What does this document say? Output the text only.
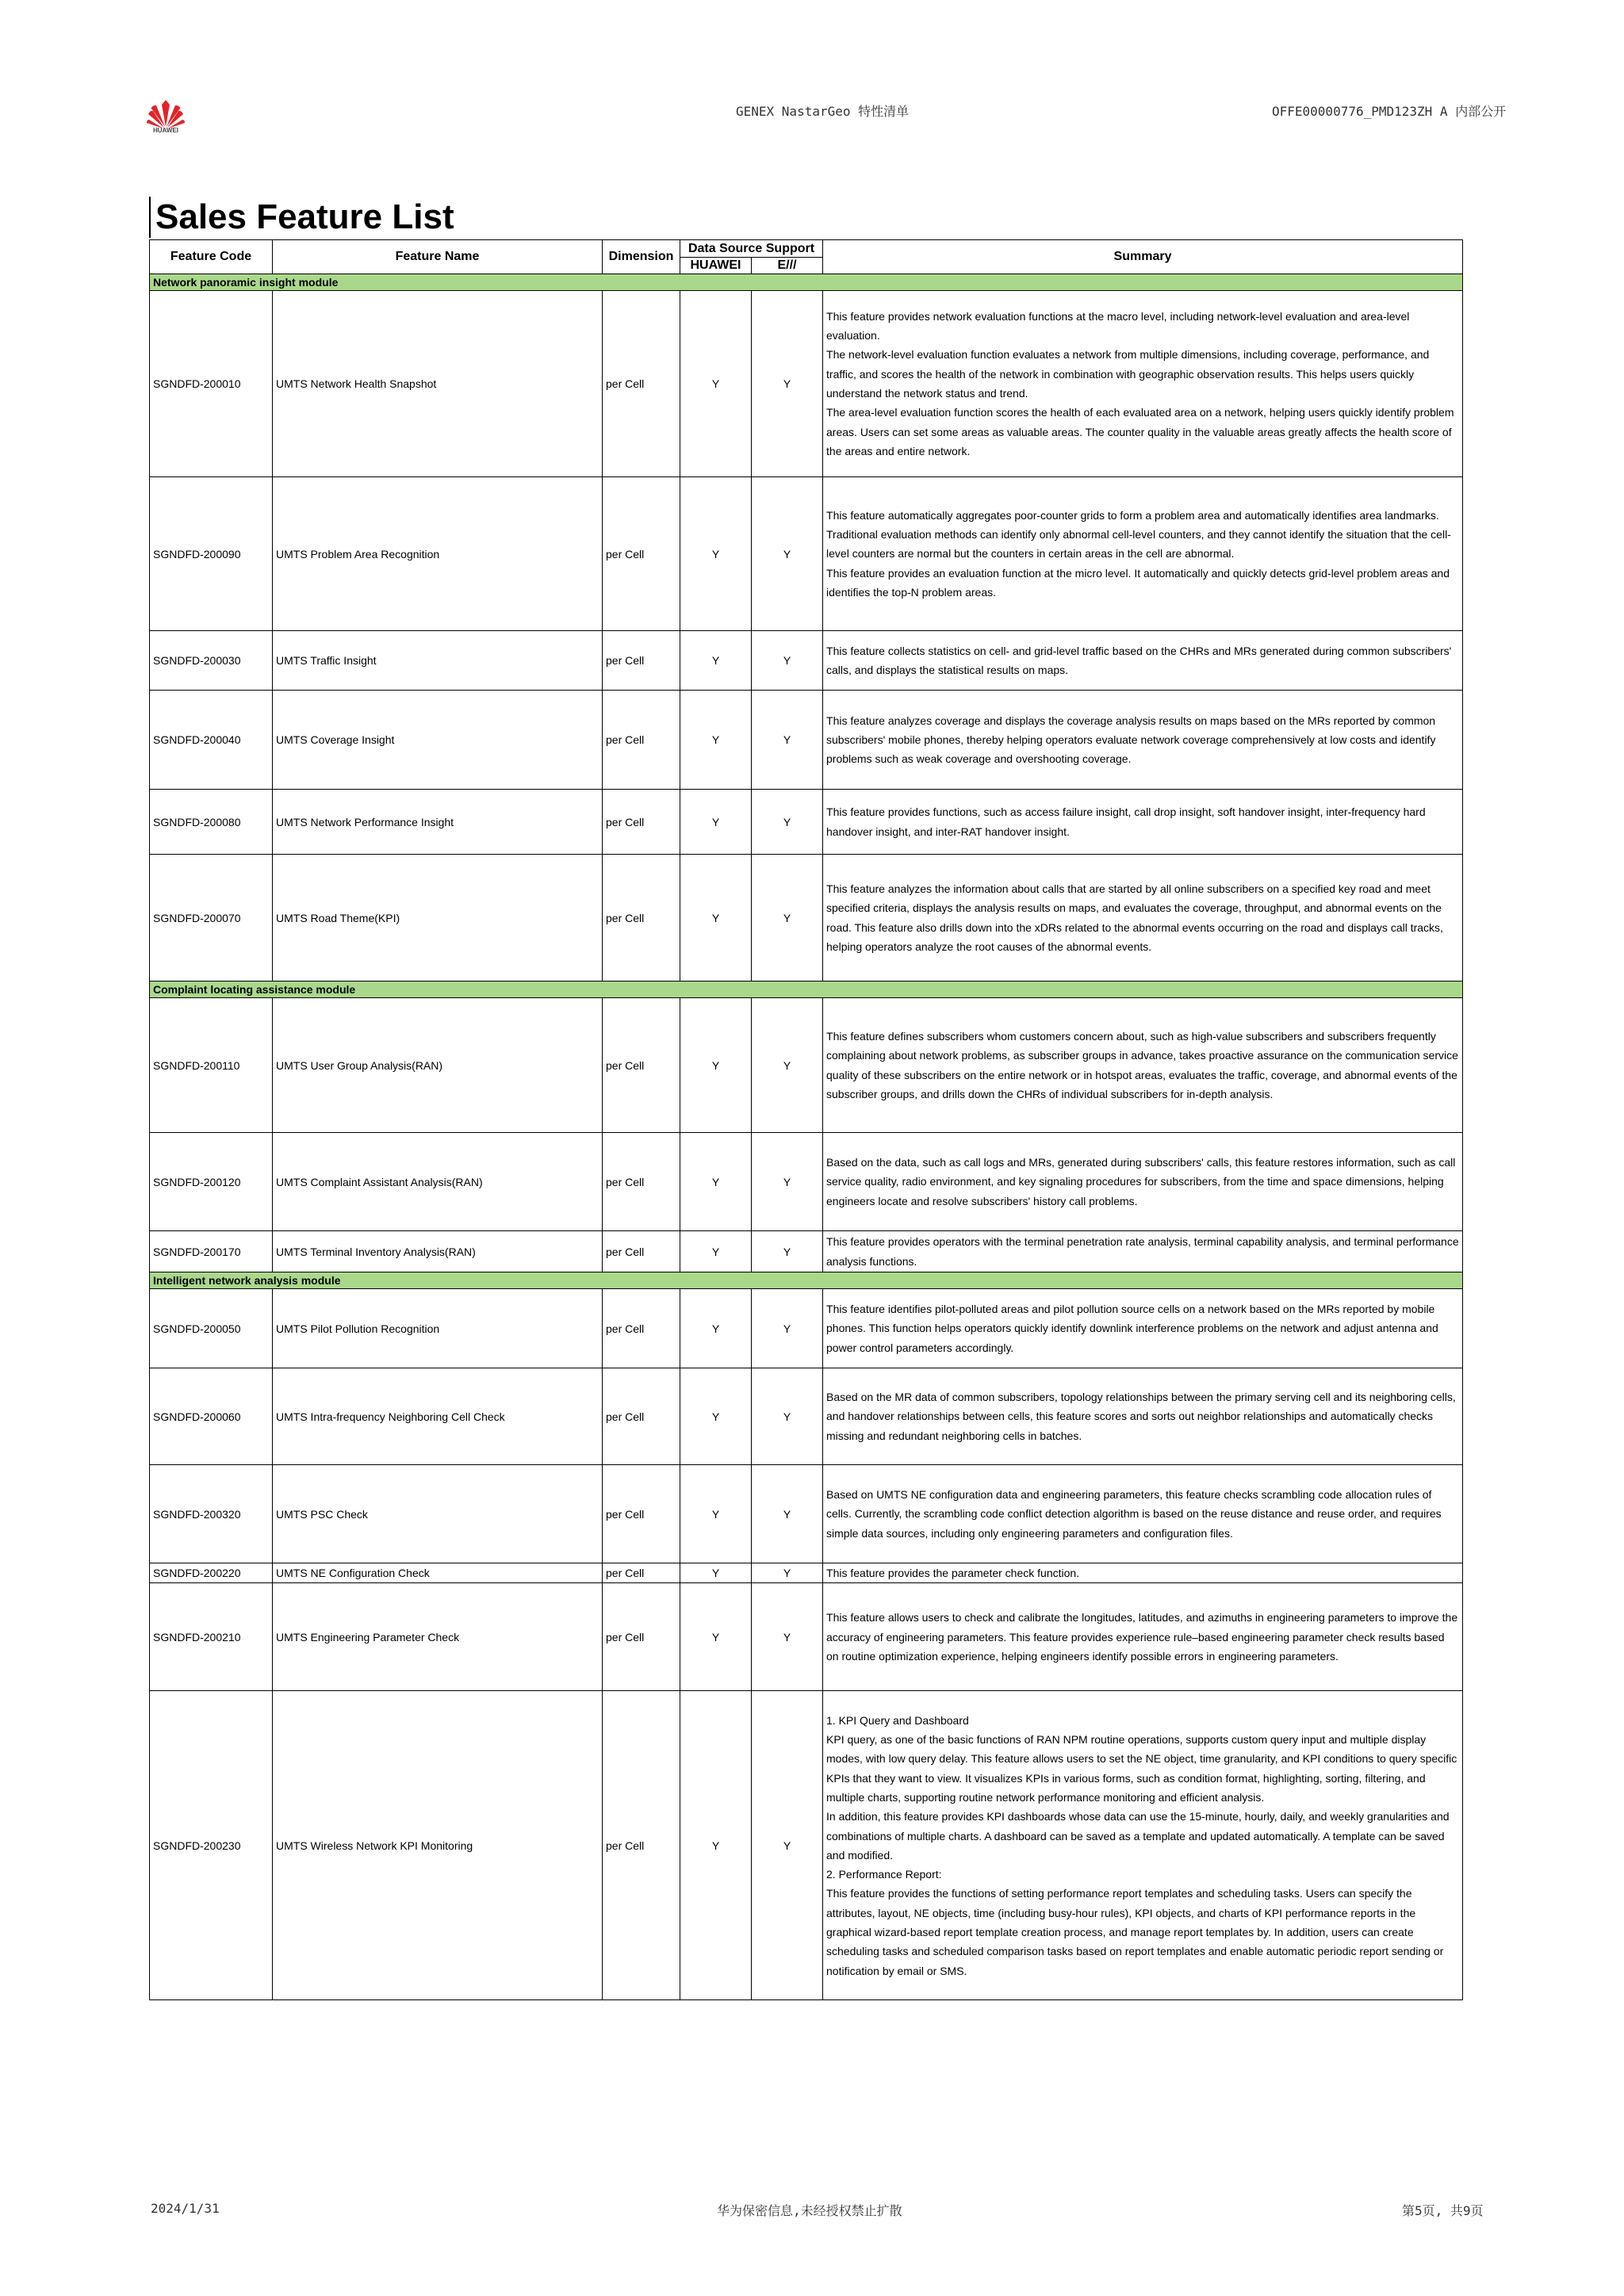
HUAWEI
GENEX NastarGeo 特性清单	OFFE00000776_PMD123ZH A 内部公开
Sales Feature List
Feature Code	Feature Name	Dimension	Data Source Support		Summary
			HUAWEI	E///	
Network panoramic insight module					
SGNDFD-200010	UMTS Network Health Snapshot	per Cell	Y	Y	This feature provides network evaluation functions at the macro level, including network-level evaluation and area-level evaluation.
The network-level evaluation function evaluates a network from multiple dimensions, including coverage, performance, and traffic, and scores the health of the network in combination with geographic observation results. This helps users quickly understand the network status and trend.
The area-level evaluation function scores the health of each evaluated area on a network, helping users quickly identify problem areas. Users can set some areas as valuable areas. The counter quality in the valuable areas greatly affects the health score of the areas and entire network.
SGNDFD-200090	UMTS Problem Area Recognition	per Cell	Y	Y	This feature automatically aggregates poor-counter grids to form a problem area and automatically identifies area landmarks.
Traditional evaluation methods can identify only abnormal cell-level counters, and they cannot identify the situation that the cell-level counters are normal but the counters in certain areas in the cell are abnormal.
This feature provides an evaluation function at the micro level. It automatically and quickly detects grid-level problem areas and identifies the top-N problem areas.
SGNDFD-200030	UMTS Traffic Insight	per Cell	Y	Y	This feature collects statistics on cell- and grid-level traffic based on the CHRs and MRs generated during common subscribers' calls, and displays the statistical results on maps.
SGNDFD-200040	UMTS Coverage Insight	per Cell	Y	Y	This feature analyzes coverage and displays the coverage analysis results on maps based on the MRs reported by common subscribers' mobile phones, thereby helping operators evaluate network coverage comprehensively at low costs and identify problems such as weak coverage and overshooting coverage.
SGNDFD-200080	UMTS Network Performance Insight	per Cell	Y	Y	This feature provides functions, such as access failure insight, call drop insight, soft handover insight, inter-frequency hard handover insight, and inter-RAT handover insight.
SGNDFD-200070	UMTS Road Theme(KPI)	per Cell	Y	Y	This feature analyzes the information about calls that are started by all online subscribers on a specified key road and meet specified criteria, displays the analysis results on maps, and evaluates the coverage, throughput, and abnormal events on the road. This feature also drills down into the xDRs related to the abnormal events occurring on the road and displays call tracks, helping operators analyze the root causes of the abnormal events.
Complaint locating assistance module					
SGNDFD-200110	UMTS User Group Analysis(RAN)	per Cell	Y	Y	This feature defines subscribers whom customers concern about, such as high-value subscribers and subscribers frequently complaining about network problems, as subscriber groups in advance, takes proactive assurance on the communication service quality of these subscribers on the entire network or in hotspot areas, evaluates the traffic, coverage, and abnormal events of the subscriber groups, and drills down the CHRs of individual subscribers for in-depth analysis.
SGNDFD-200120	UMTS Complaint Assistant Analysis(RAN)	per Cell	Y	Y	Based on the data, such as call logs and MRs, generated during subscribers' calls, this feature restores information, such as call service quality, radio environment, and key signaling procedures for subscribers, from the time and space dimensions, helping engineers locate and resolve subscribers' history call problems.
SGNDFD-200170	UMTS Terminal Inventory Analysis(RAN)	per Cell	Y	Y	This feature provides operators with the terminal penetration rate analysis, terminal capability analysis, and terminal performance analysis functions.
Intelligent network analysis module					
SGNDFD-200050	UMTS Pilot Pollution Recognition	per Cell	Y	Y	This feature identifies pilot-polluted areas and pilot pollution source cells on a network based on the MRs reported by mobile phones. This function helps operators quickly identify downlink interference problems on the network and adjust antenna and power control parameters accordingly.
SGNDFD-200060	UMTS Intra-frequency Neighboring Cell Check	per Cell	Y	Y	Based on the MR data of common subscribers, topology relationships between the primary serving cell and its neighboring cells, and handover relationships between cells, this feature scores and sorts out neighbor relationships and automatically checks missing and redundant neighboring cells in batches.
SGNDFD-200320	UMTS PSC Check	per Cell	Y	Y	Based on UMTS NE configuration data and engineering parameters, this feature checks scrambling code allocation rules of cells. Currently, the scrambling code conflict detection algorithm is based on the reuse distance and reuse order, and requires simple data sources, including only engineering parameters and configuration files.
SGNDFD-200220	UMTS NE Configuration Check	per Cell	Y	Y	This feature provides the parameter check function.
SGNDFD-200210	UMTS Engineering Parameter Check	per Cell	Y	Y	This feature allows users to check and calibrate the longitudes, latitudes, and azimuths in engineering parameters to improve the accuracy of engineering parameters. This feature provides experience rule–based engineering parameter check results based on routine optimization experience, helping engineers identify possible errors in engineering parameters.
SGNDFD-200230	UMTS Wireless Network KPI Monitoring	per Cell	Y	Y	1. KPI Query and Dashboard
KPI query, as one of the basic functions of RAN NPM routine operations, supports custom query input and multiple display modes, with low query delay. This feature allows users to set the NE object, time granularity, and KPI conditions to query specific KPIs that they want to view. It visualizes KPIs in various forms, such as condition format, highlighting, sorting, filtering, and multiple charts, supporting routine network performance monitoring and efficient analysis.
In addition, this feature provides KPI dashboards whose data can use the 15-minute, hourly, daily, and weekly granularities and combinations of multiple charts. A dashboard can be saved as a template and updated automatically. A template can be saved and modified.
2. Performance Report:
This feature provides the functions of setting performance report templates and scheduling tasks. Users can specify the attributes, layout, NE objects, time (including busy-hour rules), KPI objects, and charts of KPI performance reports in the graphical wizard-based report template creation process, and manage report templates by. In addition, users can create scheduling tasks and scheduled comparison tasks based on report templates and enable automatic periodic report sending or notification by email or SMS.
2024/1/31	华为保密信息,未经授权禁止扩散	第5页, 共9页
